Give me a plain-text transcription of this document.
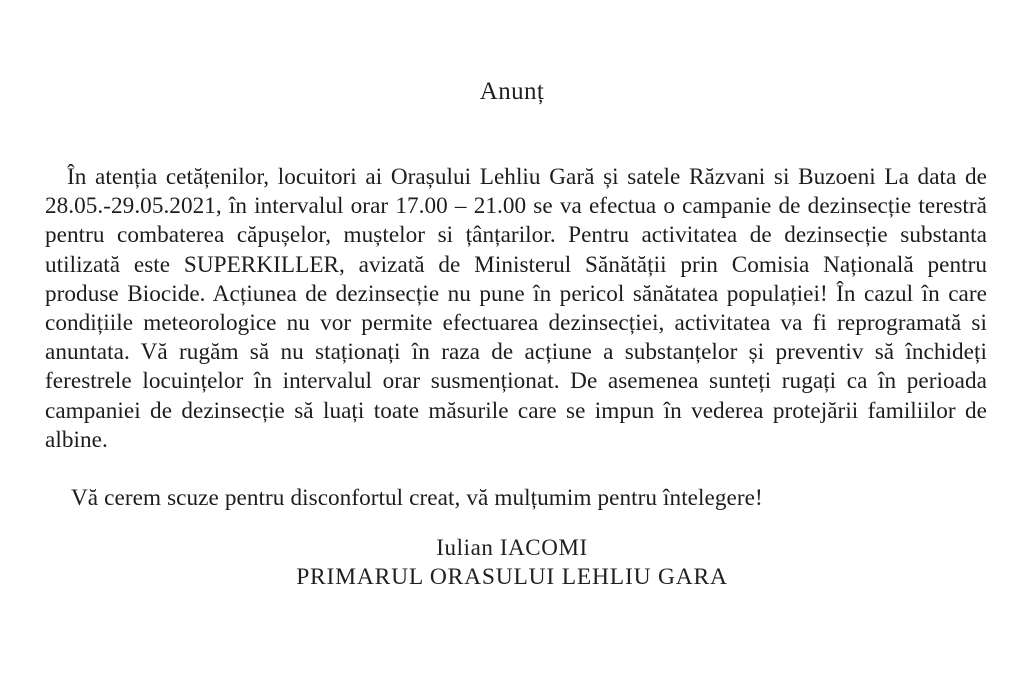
Anunț

În atenția cetățenilor, locuitori ai Orașului Lehliu Gară și satele Răzvani si Buzoeni La data de 28.05.-29.05.2021, în intervalul orar 17.00 – 21.00 se va efectua o campanie de dezinsecție terestră pentru combaterea căpușelor, muștelor si țânțarilor. Pentru activitatea de dezinsecție substanta utilizată este SUPERKILLER, avizată de Ministerul Sănătății prin Comisia Națională pentru produse Biocide. Acțiunea de dezinsecție nu pune în pericol sănătatea populației! În cazul în care condițiile meteorologice nu vor permite efectuarea dezinsecției, activitatea va fi reprogramată si anuntata. Vă rugăm să nu staționați în raza de acțiune a substanțelor și preventiv să închideți ferestrele locuințelor în intervalul orar susmenționat. De asemenea sunteți rugați ca în perioada campaniei de dezinsecție să luați toate măsurile care se impun în vederea protejării familiilor de albine.

Vă cerem scuze pentru disconfortul creat, vă mulțumim pentru întelegere!

Iulian IACOMI
PRIMARUL ORASULUI LEHLIU GARA
